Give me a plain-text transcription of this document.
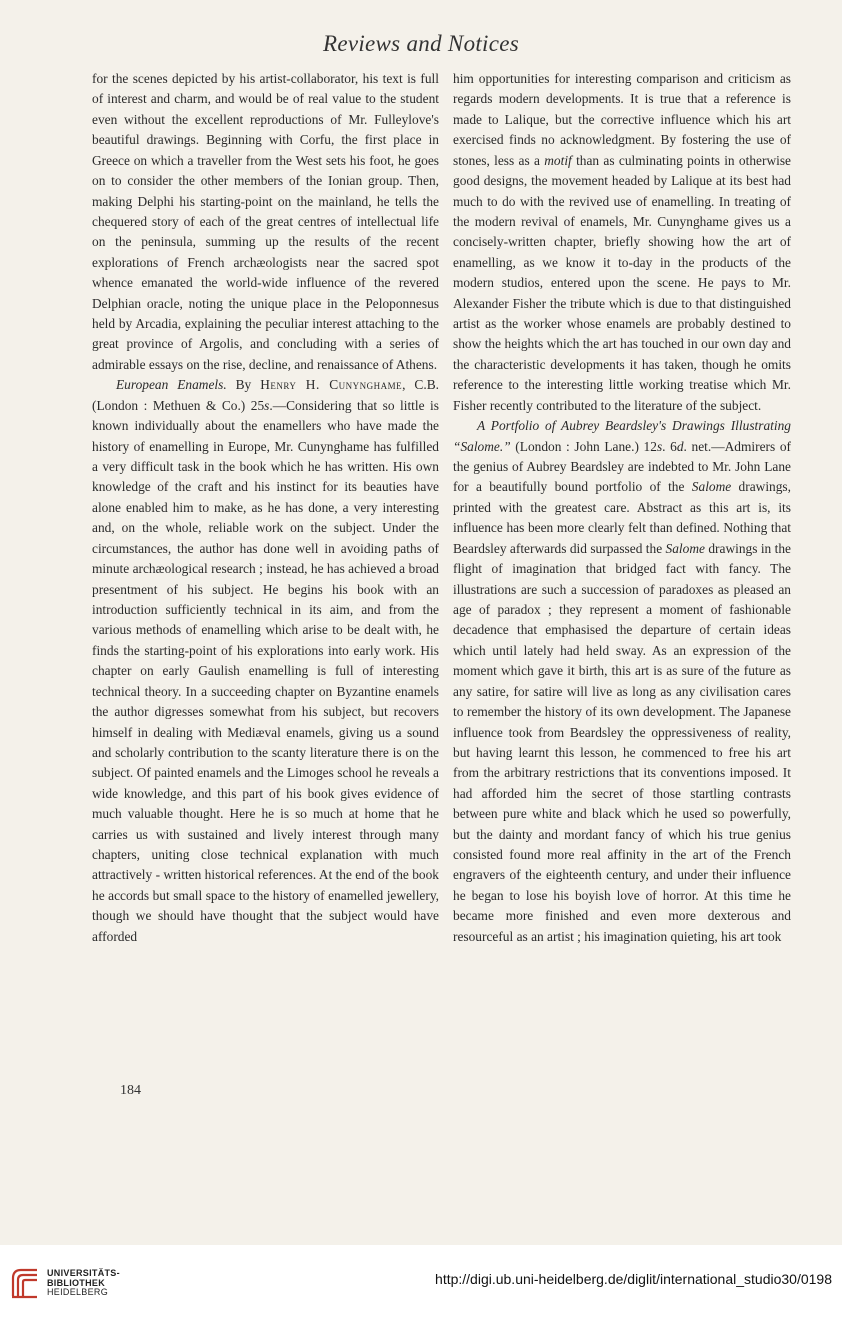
Reviews and Notices

for the scenes depicted by his artist-collaborator, his text is full of interest and charm, and would be of real value to the student even without the excellent reproductions of Mr. Fulleylove's beautiful drawings. Beginning with Corfu, the first place in Greece on which a traveller from the West sets his foot, he goes on to consider the other members of the Ionian group. Then, making Delphi his starting-point on the mainland, he tells the chequered story of each of the great centres of intellectual life on the peninsula, summing up the results of the recent explorations of French archæologists near the sacred spot whence emanated the world-wide influence of the revered Delphian oracle, noting the unique place in the Peloponnesus held by Arcadia, explaining the peculiar interest attaching to the great province of Argolis, and concluding with a series of admirable essays on the rise, decline, and renaissance of Athens.

European Enamels. By Henry H. Cunynghame, C.B. (London : Methuen & Co.) 25s.—Considering that so little is known individually about the enamellers who have made the history of enamelling in Europe, Mr. Cunynghame has fulfilled a very difficult task in the book which he has written. His own knowledge of the craft and his instinct for its beauties have alone enabled him to make, as he has done, a very interesting and, on the whole, reliable work on the subject. Under the circumstances, the author has done well in avoiding paths of minute archæological research ; instead, he has achieved a broad presentment of his subject. He begins his book with an introduction sufficiently technical in its aim, and from the various methods of enamelling which arise to be dealt with, he finds the starting-point of his explorations into early work. His chapter on early Gaulish enamelling is full of interesting technical theory. In a succeeding chapter on Byzantine enamels the author digresses somewhat from his subject, but recovers himself in dealing with Mediæval enamels, giving us a sound and scholarly contribution to the scanty literature there is on the subject. Of painted enamels and the Limoges school he reveals a wide knowledge, and this part of his book gives evidence of much valuable thought. Here he is so much at home that he carries us with sustained and lively interest through many chapters, uniting close technical explanation with much attractively - written historical references. At the end of the book he accords but small space to the history of enamelled jewellery, though we should have thought that the subject would have afforded

him opportunities for interesting comparison and criticism as regards modern developments. It is true that a reference is made to Lalique, but the corrective influence which his art exercised finds no acknowledgment. By fostering the use of stones, less as a motif than as culminating points in otherwise good designs, the movement headed by Lalique at its best had much to do with the revived use of enamelling. In treating of the modern revival of enamels, Mr. Cunynghame gives us a concisely-written chapter, briefly showing how the art of enamelling, as we know it to-day in the products of the modern studios, entered upon the scene. He pays to Mr. Alexander Fisher the tribute which is due to that distinguished artist as the worker whose enamels are probably destined to show the heights which the art has touched in our own day and the characteristic developments it has taken, though he omits reference to the interesting little working treatise which Mr. Fisher recently contributed to the literature of the subject.

A Portfolio of Aubrey Beardsley's Drawings Illustrating “Salome.” (London : John Lane.) 12s. 6d. net.—Admirers of the genius of Aubrey Beardsley are indebted to Mr. John Lane for a beautifully bound portfolio of the Salome drawings, printed with the greatest care. Abstract as this art is, its influence has been more clearly felt than defined. Nothing that Beardsley afterwards did surpassed the Salome drawings in the flight of imagination that bridged fact with fancy. The illustrations are such a succession of paradoxes as pleased an age of paradox ; they represent a moment of fashionable decadence that emphasised the departure of certain ideas which until lately had held sway. As an expression of the moment which gave it birth, this art is as sure of the future as any satire, for satire will live as long as any civilisation cares to remember the history of its own development. The Japanese influence took from Beardsley the oppressiveness of reality, but having learnt this lesson, he commenced to free his art from the arbitrary restrictions that its conventions imposed. It had afforded him the secret of those startling contrasts between pure white and black which he used so powerfully, but the dainty and mordant fancy of which his true genius consisted found more real affinity in the art of the French engravers of the eighteenth century, and under their influence he began to lose his boyish love of horror. At this time he became more finished and even more dexterous and resourceful as an artist ; his imagination quieting, his art took

184
UNIVERSITÄTS-
BIBLIOTHEK
HEIDELBERG
http://digi.ub.uni-heidelberg.de/diglit/international_studio30/0198
